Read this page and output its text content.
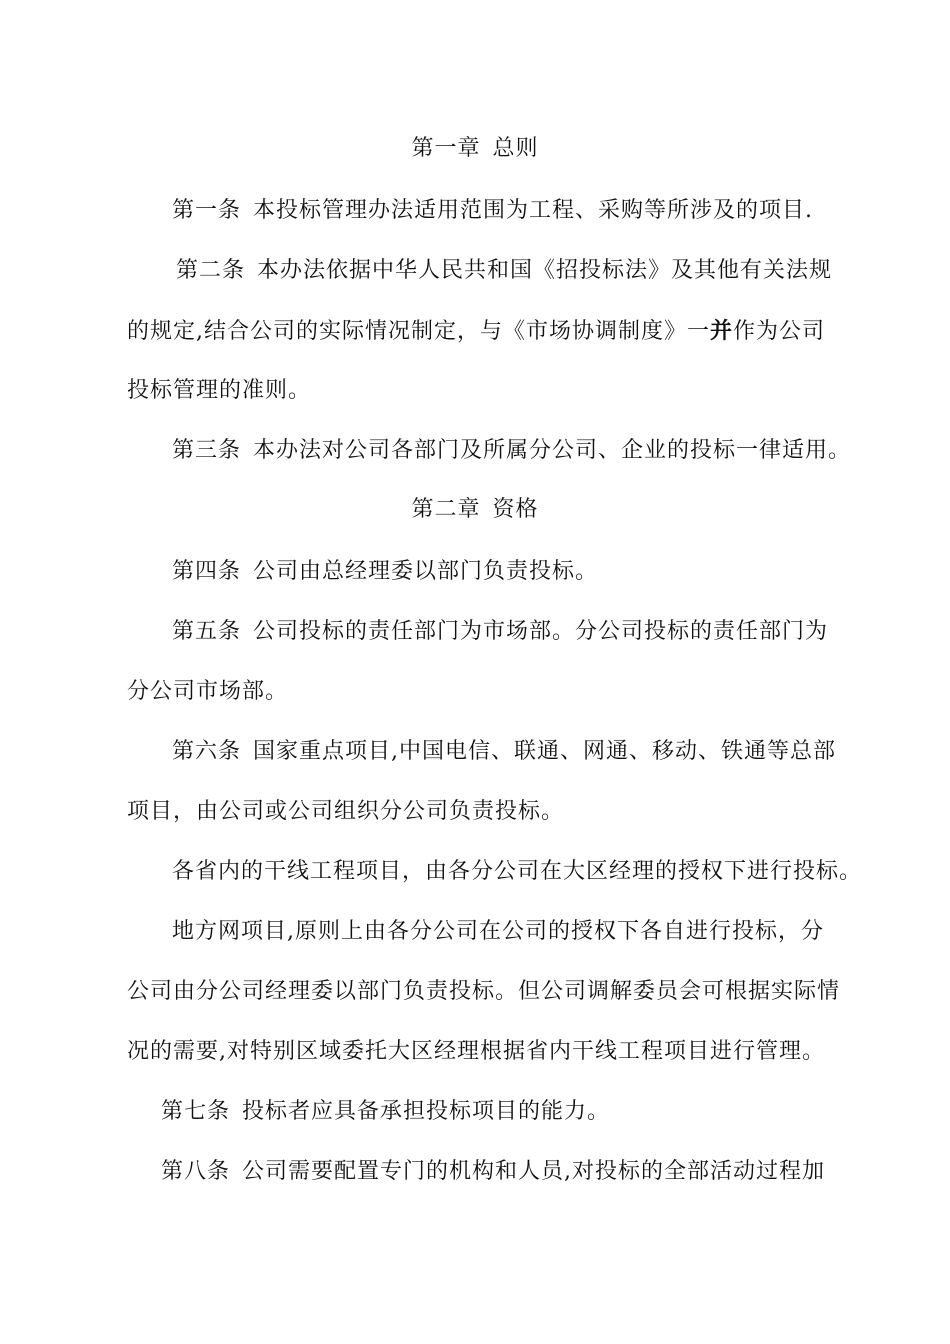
第一章 总则
第一条 本投标管理办法适用范围为工程、采购等所涉及的项目.
第二条 本办法依据中华人民共和国《招投标法》及其他有关法规
的规定,结合公司的实际情况制定，与《市场协调制度》一并作为公司
投标管理的准则。
第三条 本办法对公司各部门及所属分公司、企业的投标一律适用。
第二章 资格
第四条 公司由总经理委以部门负责投标。
第五条 公司投标的责任部门为市场部。分公司投标的责任部门为
分公司市场部。
第六条 国家重点项目,中国电信、联通、网通、移动、铁通等总部
项目，由公司或公司组织分公司负责投标。
各省内的干线工程项目，由各分公司在大区经理的授权下进行投标。
地方网项目,原则上由各分公司在公司的授权下各自进行投标，分
公司由分公司经理委以部门负责投标。但公司调解委员会可根据实际情
况的需要,对特别区域委托大区经理根据省内干线工程项目进行管理。
第七条 投标者应具备承担投标项目的能力。
第八条 公司需要配置专门的机构和人员,对投标的全部活动过程加
